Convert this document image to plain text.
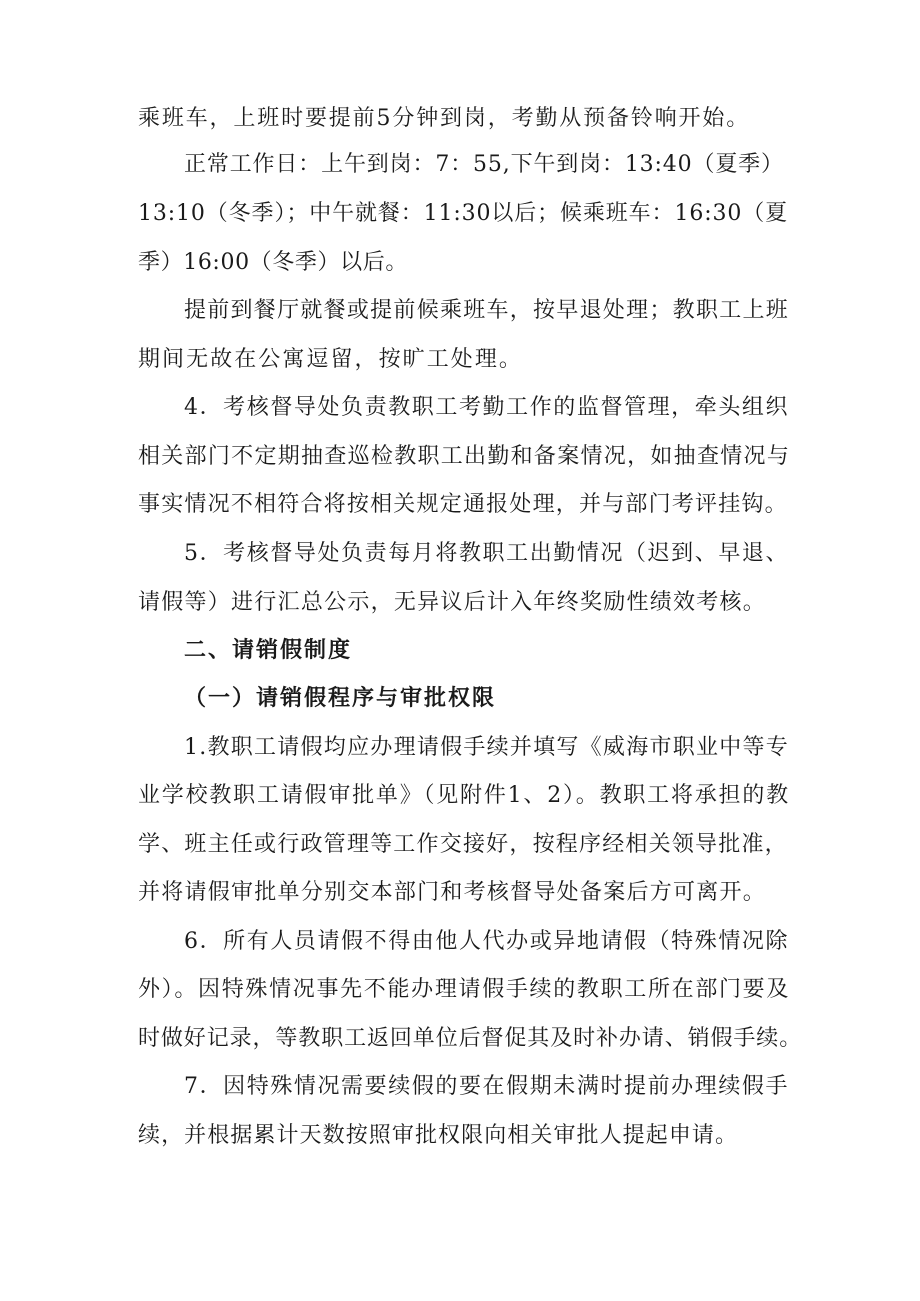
乘班车，上班时要提前5分钟到岗，考勤从预备铃响开始。
正常工作日：上午到岗：7：55,下午到岗：13:40（夏季）
13:10（冬季）；中午就餐：11:30以后；候乘班车：16:30（夏
季）16:00（冬季）以后。
提前到餐厅就餐或提前候乘班车，按早退处理；教职工上班
期间无故在公寓逗留，按旷工处理。
4．考核督导处负责教职工考勤工作的监督管理，牵头组织
相关部门不定期抽查巡检教职工出勤和备案情况，如抽查情况与
事实情况不相符合将按相关规定通报处理，并与部门考评挂钩。
5．考核督导处负责每月将教职工出勤情况（迟到、早退、
请假等）进行汇总公示，无异议后计入年终奖励性绩效考核。
二、请销假制度
（一）请销假程序与审批权限
1.教职工请假均应办理请假手续并填写《威海市职业中等专
业学校教职工请假审批单》（见附件1、2）。教职工将承担的教
学、班主任或行政管理等工作交接好，按程序经相关领导批准，
并将请假审批单分别交本部门和考核督导处备案后方可离开。
6．所有人员请假不得由他人代办或异地请假（特殊情况除
外）。因特殊情况事先不能办理请假手续的教职工所在部门要及
时做好记录，等教职工返回单位后督促其及时补办请、销假手续。
7．因特殊情况需要续假的要在假期未满时提前办理续假手
续，并根据累计天数按照审批权限向相关审批人提起申请。
